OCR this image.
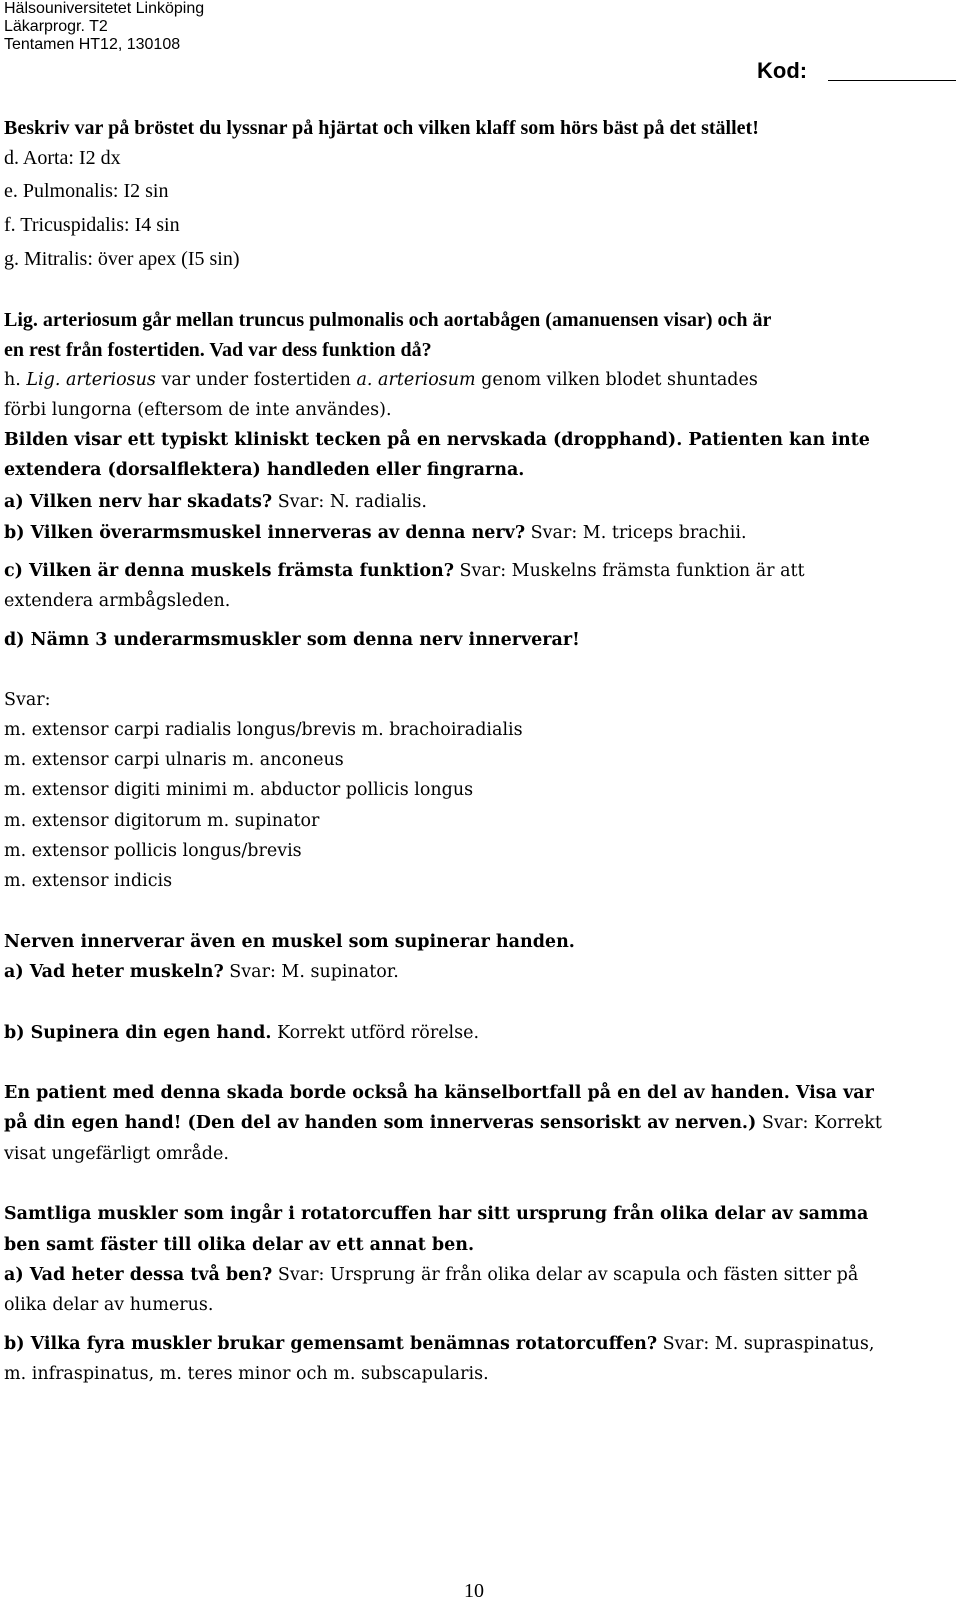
Hälsouniversitetet Linköping
Läkarprogr. T2
Tentamen HT12, 130108
Kod:
Beskriv var på bröstet du lyssnar på hjärtat och vilken klaff som hörs bäst på det stället!
d. Aorta: I2 dx
e. Pulmonalis: I2 sin
f. Tricuspidalis: I4 sin
g. Mitralis: över apex (I5 sin)
Lig. arteriosum går mellan truncus pulmonalis och aortabågen (amanuensen visar) och är
en rest från fostertiden. Vad var dess funktion då?
h. Lig. arteriosus var under fostertiden a. arteriosum genom vilken blodet shuntades
förbi lungorna (eftersom de inte användes).
Bilden visar ett typiskt kliniskt tecken på en nervskada (dropphand). Patienten kan inte
extendera (dorsalflektera) handleden eller fingrarna.
a) Vilken nerv har skadats? Svar: N. radialis.
b) Vilken överarmsmuskel innerveras av denna nerv? Svar: M. triceps brachii.
c) Vilken är denna muskels främsta funktion? Svar: Muskelns främsta funktion är att
extendera armbågsleden.
d) Nämn 3 underarmsmuskler som denna nerv innerverar!
Svar:
m. extensor carpi radialis longus/brevis m. brachoiradialis
m. extensor carpi ulnaris m. anconeus
m. extensor digiti minimi m. abductor pollicis longus
m. extensor digitorum m. supinator
m. extensor pollicis longus/brevis
m. extensor indicis
Nerven innerverar även en muskel som supinerar handen.
a) Vad heter muskeln? Svar: M. supinator.
b) Supinera din egen hand. Korrekt utförd rörelse.
En patient med denna skada borde också ha känselbortfall på en del av handen. Visa var
på din egen hand! (Den del av handen som innerveras sensoriskt av nerven.) Svar: Korrekt
visat ungefärligt område.
Samtliga muskler som ingår i rotatorcuffen har sitt ursprung från olika delar av samma
ben samt fäster till olika delar av ett annat ben.
a) Vad heter dessa två ben? Svar: Ursprung är från olika delar av scapula och fästen sitter på
olika delar av humerus.
b) Vilka fyra muskler brukar gemensamt benämnas rotatorcuffen? Svar: M. supraspinatus,
m. infraspinatus, m. teres minor och m. subscapularis.
10
